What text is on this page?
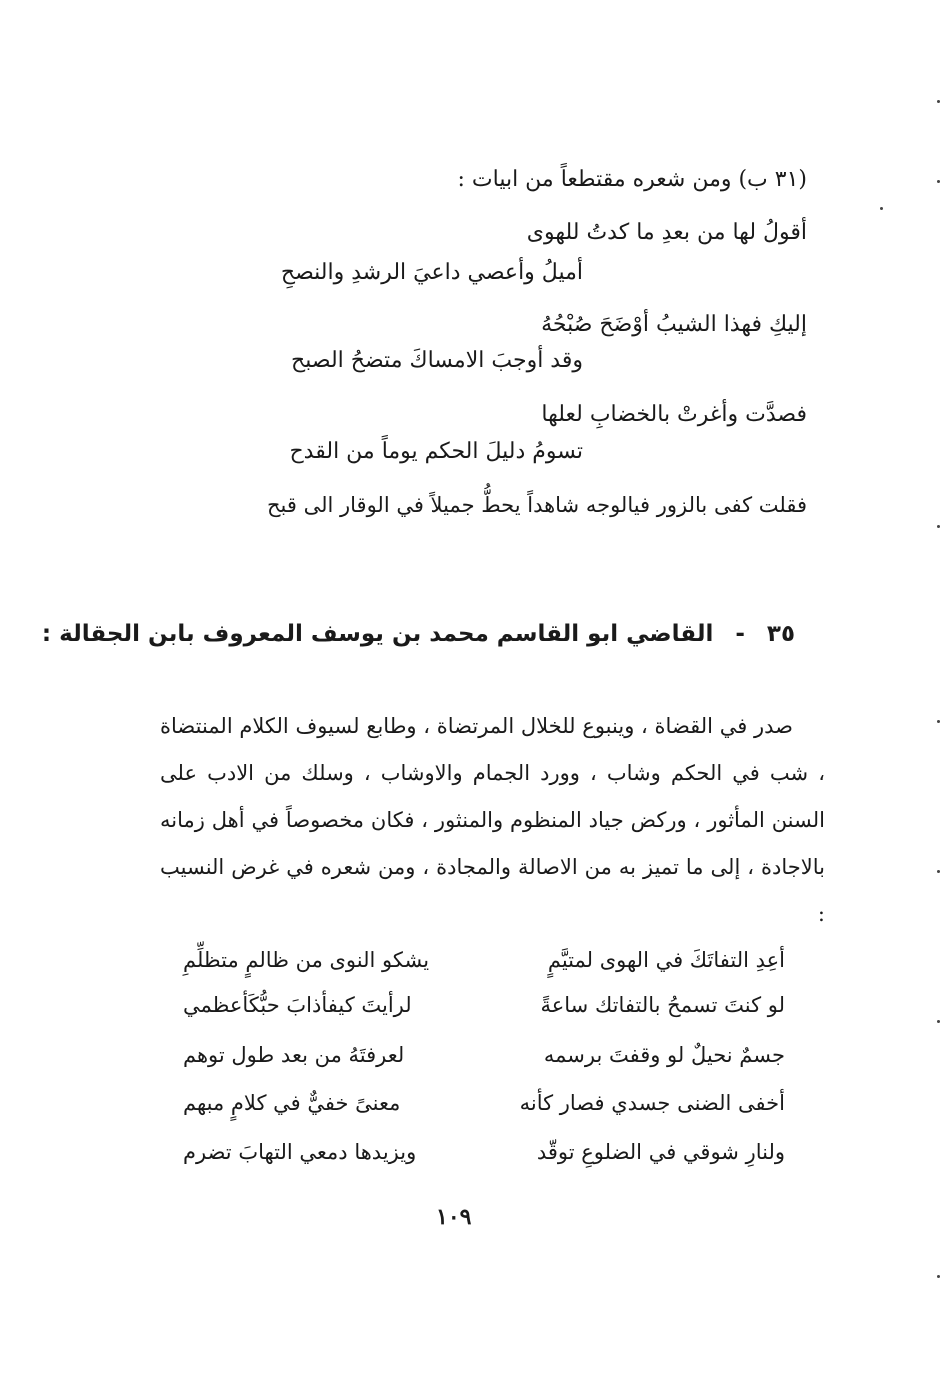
(٣١ ب) ومن شعره مقتطعاً من ابيات :
أقولُ لها من بعدِ ما كدتُ للهوى
أميلُ وأعصي داعيَ الرشدِ والنصحِ
إليكِ فهذا الشيبُ أوْضَحَ صُبْحُهُ
وقد أوجبَ الامساكَ متضحُ الصبح
فصدَّت وأغرتْ بالخضابِ لعلها
تسومُ دليلَ الحكم يوماً من القدح
فقلت كفى بالزور فيالوجه شاهداً يحطُّ جميلاً في الوقار الى قبح
٣٥ - القاضي ابو القاسم محمد بن يوسف المعروف بابن الجقالة :
صدر في القضاة ، وينبوع للخلال المرتضاة ، وطابع لسيوف الكلام المنتضاة ، شب في الحكم وشاب ، وورد الجمام والاوشاب ، وسلك من الادب على السنن المأثور ، وركض جياد المنظوم والمنثور ، فكان مخصوصاً في أهل زمانه بالاجادة ، إلى ما تميز به من الاصالة والمجادة ، ومن شعره في غرض النسيب :
أعِدِ التفاتَكَ في الهوى لمتيَّمٍ
يشكو النوى من ظالمٍ متظلِّمِ
لو كنتَ تسمحُ بالتفاتك ساعةً
لرأيتَ كيفأذابَ حبُّكَأعظمي
جسمٌ نحيلٌ لو وقفتَ برسمه
لعرفتَهُ من بعد طول توهم
أخفى الضنى جسدي فصار كأنه
معنىً خفيٌّ في كلامٍ مبهم
ولنارِ شوقي في الضلوعِ توقّد
ويزيدها دمعي التهابَ تضرم
١٠٩
